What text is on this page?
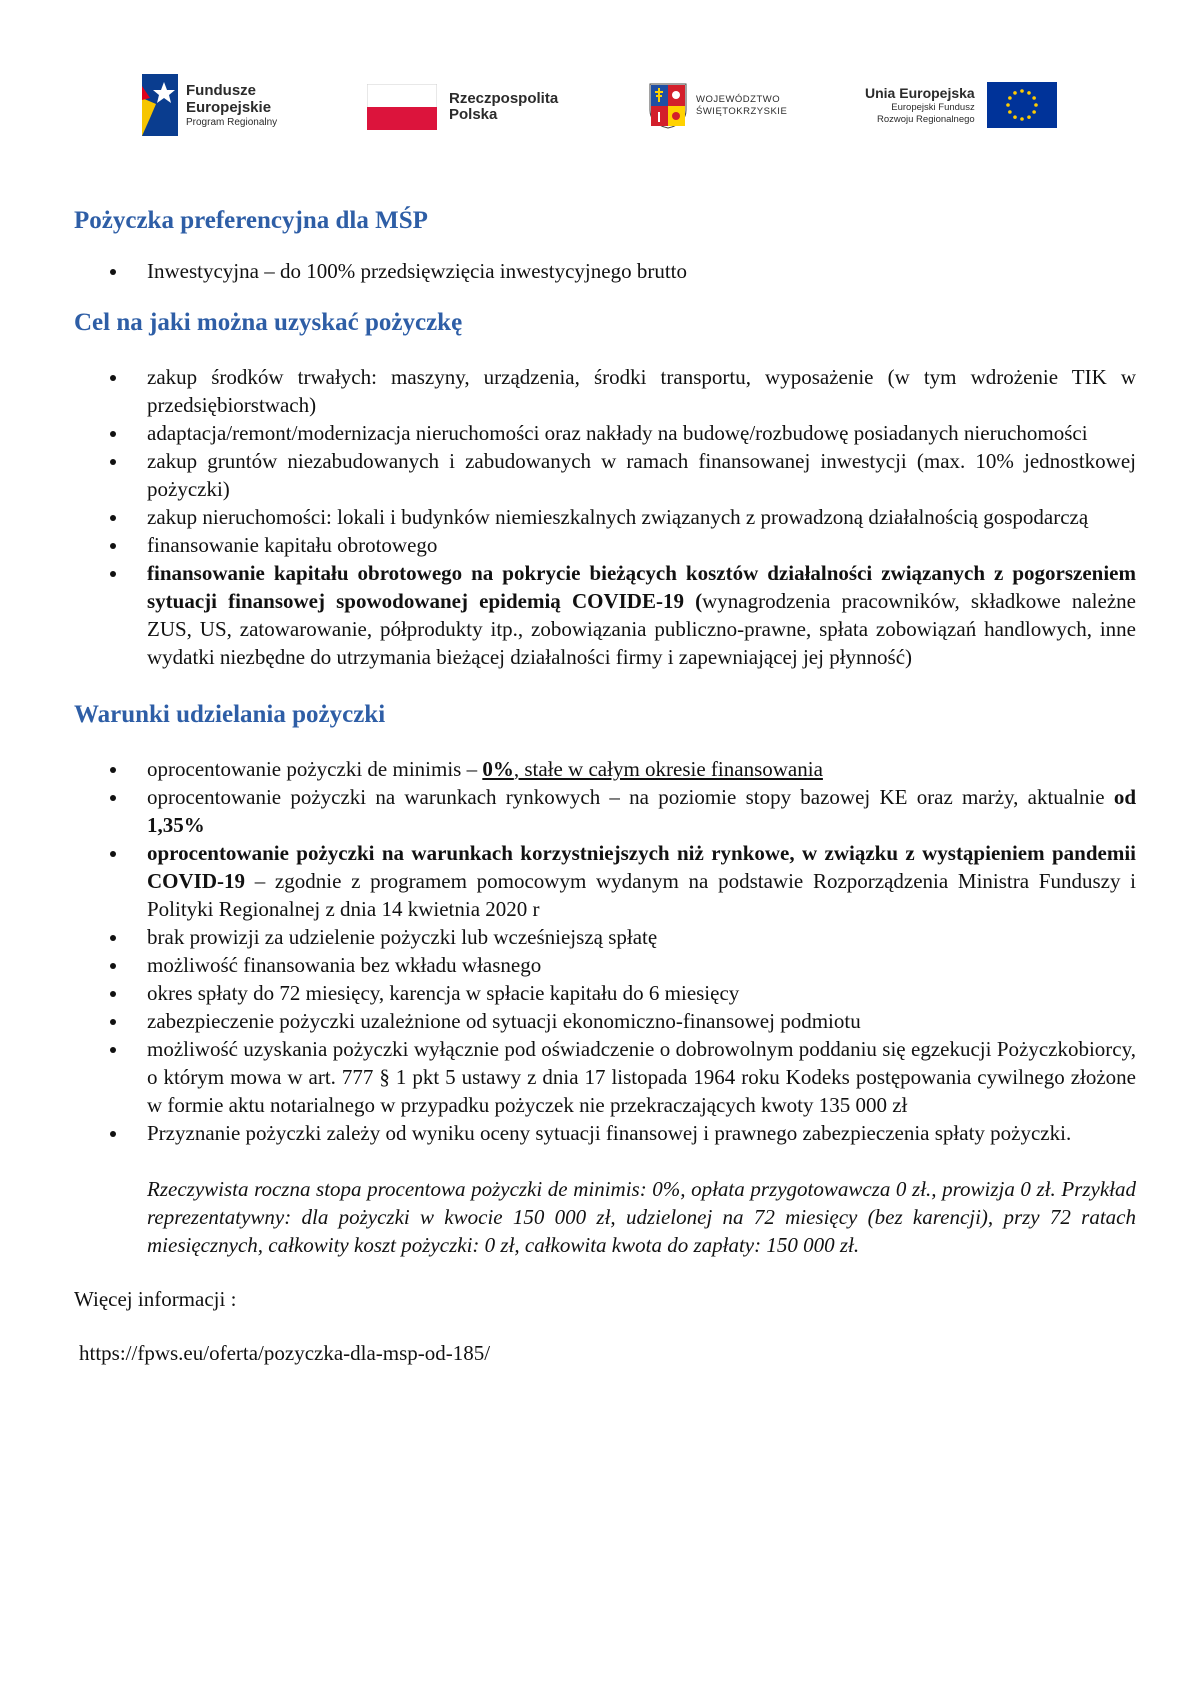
Fundusze
Europejskie
Program Regionalny
Rzeczpospolita
Polska
WOJEWÓDZTWO
ŚWIĘTOKRZYSKIE
Unia Europejska
Europejski Fundusz
Rozwoju Regionalnego
Pożyczka preferencyjna dla MŚP
Inwestycyjna – do 100% przedsięwzięcia inwestycyjnego brutto
Cel na jaki można uzyskać pożyczkę
zakup środków trwałych: maszyny, urządzenia, środki transportu, wyposażenie (w tym wdrożenie TIK w przedsiębiorstwach)
adaptacja/remont/modernizacja nieruchomości oraz nakłady na budowę/rozbudowę posiadanych nieruchomości
zakup gruntów niezabudowanych i zabudowanych w ramach finansowanej inwestycji (max. 10% jednostkowej pożyczki)
zakup nieruchomości: lokali i budynków niemieszkalnych związanych z prowadzoną działalnością gospodarczą
finansowanie kapitału obrotowego
finansowanie kapitału obrotowego na pokrycie bieżących kosztów działalności związanych z pogorszeniem sytuacji finansowej spowodowanej epidemią COVIDE-19 (wynagrodzenia pracowników, składkowe należne ZUS, US, zatowarowanie, półprodukty itp., zobowiązania publiczno-prawne, spłata zobowiązań handlowych, inne wydatki niezbędne do utrzymania bieżącej działalności firmy i zapewniającej jej płynność)
Warunki udzielania pożyczki
oprocentowanie pożyczki de minimis – 0%, stałe w całym okresie finansowania
oprocentowanie pożyczki na warunkach rynkowych – na poziomie stopy bazowej KE oraz marży, aktualnie od 1,35%
oprocentowanie pożyczki na warunkach korzystniejszych niż rynkowe, w związku z wystąpieniem pandemii COVID-19 – zgodnie z programem pomocowym wydanym na podstawie Rozporządzenia Ministra Funduszy i Polityki Regionalnej z dnia 14 kwietnia 2020 r
brak prowizji za udzielenie pożyczki lub wcześniejszą spłatę
możliwość finansowania bez wkładu własnego
okres spłaty do 72 miesięcy, karencja w spłacie kapitału do 6 miesięcy
zabezpieczenie pożyczki uzależnione od sytuacji ekonomiczno-finansowej podmiotu
możliwość uzyskania pożyczki wyłącznie pod oświadczenie o dobrowolnym poddaniu się egzekucji Pożyczkobiorcy, o którym mowa w art. 777 § 1 pkt 5 ustawy z dnia 17 listopada 1964 roku Kodeks postępowania cywilnego złożone w formie aktu notarialnego w przypadku pożyczek nie przekraczających kwoty 135 000 zł
Przyznanie pożyczki zależy od wyniku oceny sytuacji finansowej i prawnego zabezpieczenia spłaty pożyczki.

Rzeczywista roczna stopa procentowa pożyczki de minimis: 0%, opłata przygotowawcza 0 zł., prowizja 0 zł. Przykład reprezentatywny: dla pożyczki w kwocie 150 000 zł, udzielonej na 72 miesięcy (bez karencji), przy 72 ratach miesięcznych, całkowity koszt pożyczki: 0 zł, całkowita kwota do zapłaty: 150 000 zł.

Więcej informacji :

https://fpws.eu/oferta/pozyczka-dla-msp-od-185/
